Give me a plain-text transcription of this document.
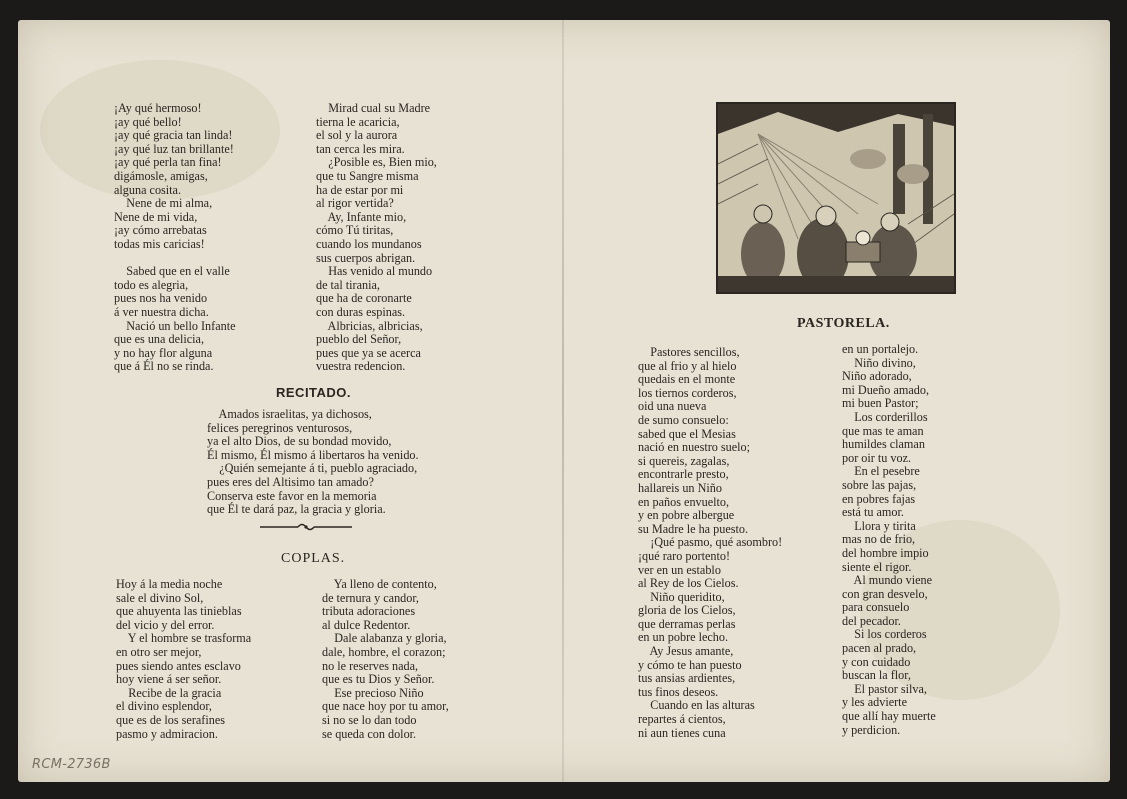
¡Ay qué hermoso!
¡ay qué bello!
¡ay qué gracia tan linda!
¡ay qué luz tan brillante!
¡ay qué perla tan fina!
digámosle, amigas,
alguna cosita.
Nene de mi alma,
Nene de mi vida,
¡ay cómo arrebatas
todas mis caricias!
Sabed que en el valle
todo es alegria,
pues nos ha venido
á ver nuestra dicha.
Nació un bello Infante
que es una delicia,
y no hay flor alguna
que á Él no se rinda.
Mirad cual su Madre
tierna le acaricia,
el sol y la aurora
tan cerca les mira.
¿Posible es, Bien mio,
que tu Sangre misma
ha de estar por mi
al rigor vertida?
Ay, Infante mio,
cómo Tú tiritas,
cuando los mundanos
sus cuerpos abrigan.
Has venido al mundo
de tal tirania,
que ha de coronarte
con duras espinas.
Albricias, albricias,
pueblo del Señor,
pues que ya se acerca
vuestra redencion.
RECITADO.
Amados israelitas, ya dichosos,
felices peregrinos venturosos,
ya el alto Dios, de su bondad movido,
Él mismo, Él mismo á libertaros ha venido.
¿Quién semejante á ti, pueblo agraciado,
pues eres del Altisimo tan amado?
Conserva este favor en la memoria
que Él te dará paz, la gracia y gloria.
COPLAS.
Hoy á la media noche
sale el divino Sol,
que ahuyenta las tinieblas
del vicio y del error.
Y el hombre se trasforma
en otro ser mejor,
pues siendo antes esclavo
hoy viene á ser señor.
Recibe de la gracia
el divino esplendor,
que es de los serafines
pasmo y admiracion.
Ya lleno de contento,
de ternura y candor,
tributa adoraciones
al dulce Redentor.
Dale alabanza y gloria,
dale, hombre, el corazon;
no le reserves nada,
que es tu Dios y Señor.
Ese precioso Niño
que nace hoy por tu amor,
si no se lo dan todo
se queda con dolor.
PASTORELA.
Pastores sencillos,
que al frio y al hielo
quedais en el monte
los tiernos corderos,
oid una nueva
de sumo consuelo:
sabed que el Mesias
nació en nuestro suelo;
si quereis, zagalas,
encontrarle presto,
hallareis un Niño
en paños envuelto,
y en pobre albergue
su Madre le ha puesto.
¡Qué pasmo, qué asombro!
¡qué raro portento!
ver en un establo
al Rey de los Cielos.
Niño queridito,
gloria de los Cielos,
que derramas perlas
en un pobre lecho.
Ay Jesus amante,
y cómo te han puesto
tus ansias ardientes,
tus finos deseos.
Cuando en las alturas
repartes á cientos,
ni aun tienes cuna
en un portalejo.
Niño divino,
Niño adorado,
mi Dueño amado,
mi buen Pastor;
Los corderillos
que mas te aman
humildes claman
por oir tu voz.
En el pesebre
sobre las pajas,
en pobres fajas
está tu amor.
Llora y tirita
mas no de frio,
del hombre impio
siente el rigor.
Al mundo viene
con gran desvelo,
para consuelo
del pecador.
Si los corderos
pacen al prado,
y con cuidado
buscan la flor,
El pastor silva,
y les advierte
que allí hay muerte
y perdicion.
RCM-2736B
